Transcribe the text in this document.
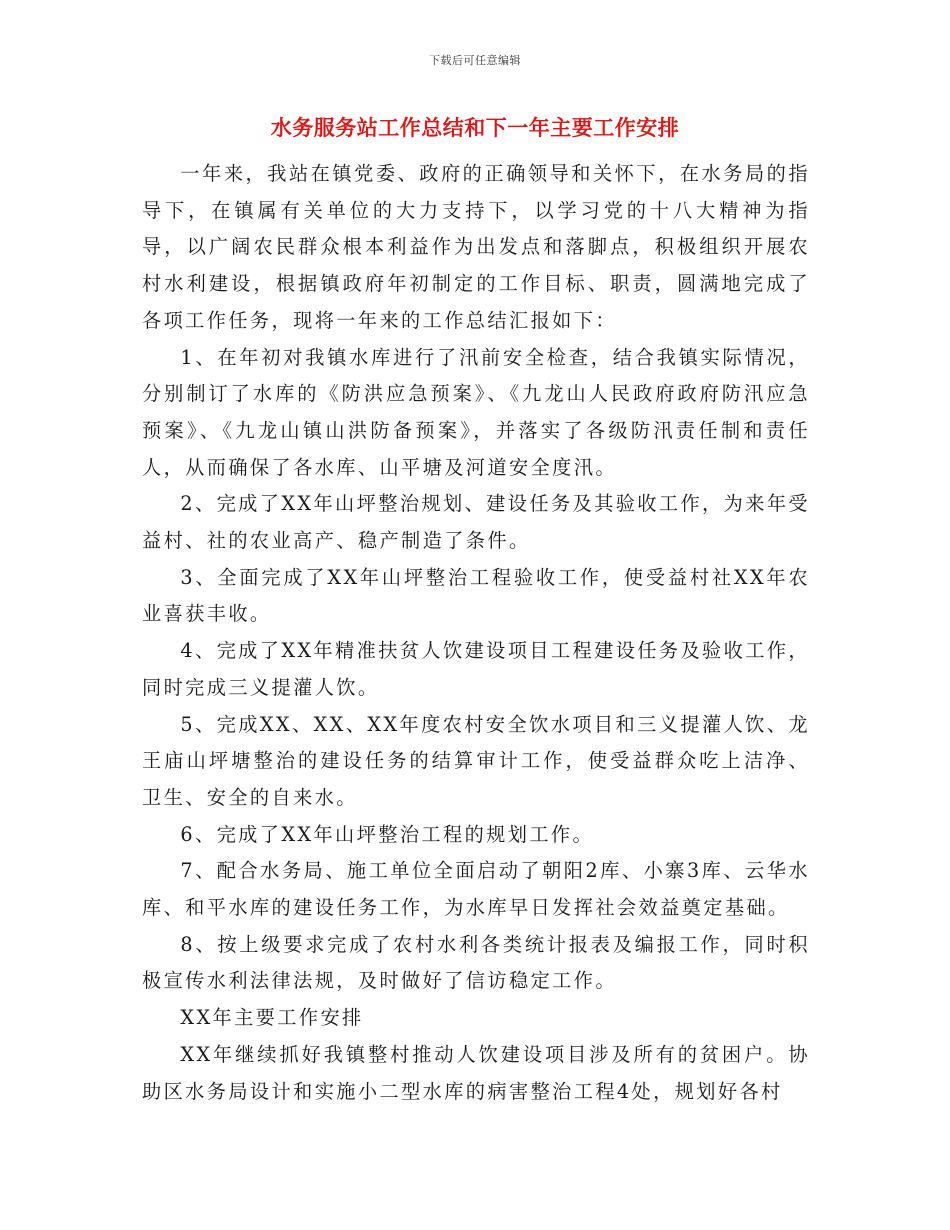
下载后可任意编辑
水务服务站工作总结和下一年主要工作安排

一年来，我站在镇党委、政府的正确领导和关怀下，在水务局的指导下，在镇属有关单位的大力支持下，以学习党的十八大精神为指导，以广阔农民群众根本利益作为出发点和落脚点，积极组织开展农村水利建设，根据镇政府年初制定的工作目标、职责，圆满地完成了各项工作任务，现将一年来的工作总结汇报如下：

1、在年初对我镇水库进行了汛前安全检查，结合我镇实际情况，分别制订了水库的《防洪应急预案》、《九龙山人民政府政府防汛应急预案》、《九龙山镇山洪防备预案》，并落实了各级防汛责任制和责任人，从而确保了各水库、山平塘及河道安全度汛。

2、完成了XX年山坪整治规划、建设任务及其验收工作，为来年受益村、社的农业高产、稳产制造了条件。

3、全面完成了XX年山坪整治工程验收工作，使受益村社XX年农业喜获丰收。

4、完成了XX年精准扶贫人饮建设项目工程建设任务及验收工作，同时完成三义提灌人饮。

5、完成XX、XX、XX年度农村安全饮水项目和三义提灌人饮、龙王庙山坪塘整治的建设任务的结算审计工作，使受益群众吃上洁净、卫生、安全的自来水。

6、完成了XX年山坪整治工程的规划工作。

7、配合水务局、施工单位全面启动了朝阳2库、小寨3库、云华水库、和平水库的建设任务工作，为水库早日发挥社会效益奠定基础。

8、按上级要求完成了农村水利各类统计报表及编报工作，同时积极宣传水利法律法规，及时做好了信访稳定工作。

XX年主要工作安排

XX年继续抓好我镇整村推动人饮建设项目涉及所有的贫困户。协助区水务局设计和实施小二型水库的病害整治工程4处，规划好各村
